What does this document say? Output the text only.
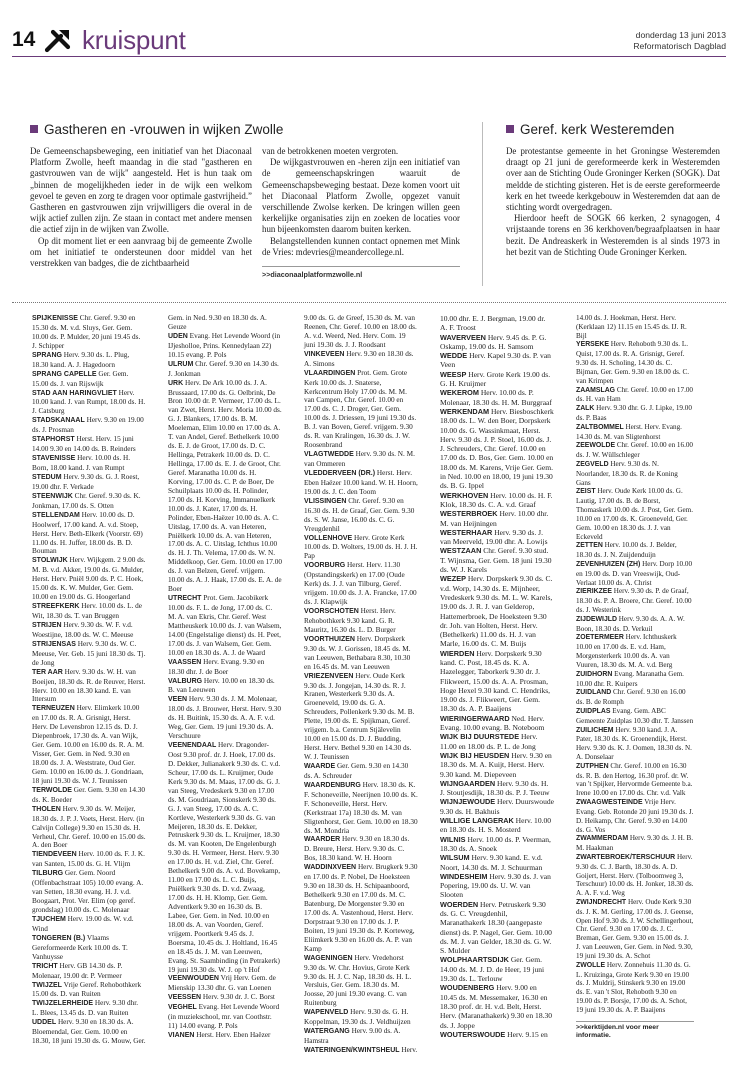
14 kruispunt	donderdag 13 juni 2013
Reformatorisch Dagblad
Gastheren en -vrouwen in wijken Zwolle

De Gemeenschapsbeweging, een initiatief van het Diaconaal Platform Zwolle, heeft maandag in die stad "gastheren en gastvrouwen van de wijk" aangesteld. Het is hun taak om „binnen de mogelijkheden ieder in de wijk een welkom gevoel te geven en zorg te dragen voor optimale gastvrijheid.” Gastheren en gastvrouwen zijn vrijwilligers die overal in de wijk actief zullen zijn. Ze staan in contact met andere mensen die actief zijn in de wijken van Zwolle.

Op dit moment liet er een aanvraag bij de gemeente Zwolle om het initiatief te ondersteunen door middel van het verstrekken van badges, die de zichtbaarheid

van de betrokkenen moeten vergroten.

De wijkgastvrouwen en -heren zijn een initiatief van de gemeenschapskringen waaruit de Gemeenschapsbeweging bestaat. Deze komen voort uit het Diaconaal Platform Zwolle, opgezet vanuit verschillende Zwolse kerken. De kringen willen geen kerkelijke organisaties zijn en zoeken de locaties voor hun bijeenkomsten daarom buiten kerken.

Belangstellenden kunnen contact opnemen met Mink de Vries: mdevries@meandercollege.nl.

>>diaconaalplatformzwolle.nl
Geref. kerk Westeremden

De protestantse gemeente in het Groningse Westeremden draagt op 21 juni de gereformeerde kerk in Westeremden over aan de Stichting Oude Groninger Kerken (SOGK). Dat meldde de stichting gisteren. Het is de eerste gereformeerde kerk en het tweede kerkgebouw in Westeremden dat aan de stichting wordt overgedragen.

Hierdoor heeft de SOGK 66 kerken, 2 synagogen, 4 vrijstaande torens en 36 kerkhoven/begraafplaatsen in haar bezit. De Andreaskerk in Westeremden is al sinds 1973 in het bezit van de Stichting Oude Groninger Kerken.

SPIJKENISSE Chr. Geref. 9.30 en 15.30 ds. M. v.d. Sluys, Ger. Gem. 10.00 ds. P. Mulder, 20 juni 19.45 ds. J. Schipper

SPRANG Herv. 9.30 ds. L. Plug, 18.30 kand. A. J. Hagedoorn

SPRANG CAPELLE Ger. Gem. 15.00 ds. J. van Rijswijk

STAD AAN HARINGVLIET Herv. 10.00 kand. J. van Rumpt, 18.00 ds. H. J. Catsburg

STADSKANAAL Herv. 9.30 en 19.00 ds. J. Prosman

STAPHORST Herst. Herv. 15 juni 14.00 9.30 en 14.00 ds. B. Reinders

STAVENISSE Herv. 10.00 ds. H. Born, 18.00 kand. J. van Rumpt

STEDUM Herv. 9.30 ds. G. J. Roest, 19.00 dhr. F. Verkade

STEENWIJK Chr. Geref. 9.30 ds. K. Jonkman, 17.00 ds. S. Otten

STELLENDAM Herv. 10.00 ds. D. Hoolwerf, 17.00 kand. A. v.d. Stoep, Herst. Herv. Beth-Elkerk (Voorstr. 69) 11.00 ds. H. Juffer, 18.00 ds. B. D. Bouman

STOLWIJK Herv. Wijkgem. 2 9.00 ds. M. B. v.d. Akker, 19.00 ds. G. Mulder, Herst. Herv. Pniël 9.00 ds. P. C. Hoek, 15.00 ds. K. W. Mulder, Ger. Gem. 10.00 en 19.00 ds. G. Hoogerland

STREEFKERK Herv. 10.00 ds. L. de Wit, 18.30 ds. T. van Bruggen

STRIJEN Herv. 9.30 ds. W. F. v.d. Woestijne, 18.00 ds. W. C. Meeuse

STRIJENSAS Herv. 9.30 ds. W. C. Meeuse, Ver. Geb. 15 juni 18.30 ds. Tj. de Jong

TER AAR Herv. 9.30 ds. W. H. van Boeijen, 18.30 ds. R. de Reuver, Herst. Herv. 10.00 en 18.30 kand. E. van Ittersum

TERNEUZEN Herv. Elimkerk 10.00 en 17.00 ds. R. A. Grisnigt, Herst. Herv. De Levensbron 12.15 ds. D. J. Diepenbroek, 17.30 ds. A. van Wijk, Ger. Gem. 10.00 en 16.00 ds. R. A. M. Visser, Ger. Gem. in Ned. 9.30 en 18.00 ds. J. A. Weststrate, Oud Ger. Gem. 10.00 en 16.00 ds. J. Gondriaan, 18 juni 19.30 ds. W. J. Teunissen

TERWOLDE Ger. Gem. 9.30 en 14.30 ds. K. Boeder

THOLEN Herv. 9.30 ds. W. Meijer, 18.30 ds. J. P. J. Voets, Herst. Herv. (in Calvijn College) 9.30 en 15.30 ds. H. Verheul, Chr. Geref. 10.00 en 15.00 ds. A. den Boer

TIENDEVEEN Herv. 10.00 ds. F. J. K. van Santen, 15.00 ds. G. H. Vlijm

TILBURG Ger. Gem. Noord (Offenbachstraat 105) 10.00 evang. A. van Setten, 18.30 evang. H. J. v.d. Boogaart, Prot. Ver. Elim (op geref. grondslag) 10.00 ds. C. Molenaar

TJUCHEM Herv. 19.00 ds. W. v.d. Wind

TONGEREN (B.) Vlaams Gereformeerde Kerk 10.00 ds. T. Vanhuysse

TRICHT Herv. GB 14.30 ds. P. Molenaar, 19.00 dr. P. Vermeer

TWIJZEL Vrije Geref. Rehobothkerk 15.00 ds. D. van Ruiten

TWIJZELERHEIDE Herv. 9.30 dhr. L. Blees, 13.45 ds. D. van Ruiten

UDDEL Herv. 9.30 en 18.30 ds. A. Bloemendal, Ger. Gem. 10.00 en 18.30, 18 juni 19.30 ds. G. Mouw, Ger.

Gem. in Ned. 9.30 en 18.30 ds. A. Geuze

UDEN Evang. Het Levende Woord (in IJjesholloe, Prins. Kennedylaan 22) 10.15 evang. P. Pols

ULRUM Chr. Geref. 9.30 en 14.30 ds. J. Jonkman

URK Herv. De Ark 10.00 ds. J. A. Brussaard, 17.00 ds. G. Oelbrink, De Bron 10.00 dr. P. Vermeer, 17.00 ds. L. van Zwet, Herst. Herv. Moria 10.00 ds. G. J. Blankers, 17.00 ds. B. M. Moeleman, Elim 10.00 en 17.00 ds. A. T. van Andel, Geref. Bethelkerk 10.00 ds. E. J. de Groot, 17.00 ds. D. C. Hellinga, Petrakerk 10.00 ds. D. C. Hellinga, 17.00 ds. E. J. de Groot, Chr. Geref. Maranatha 10.00 ds. H. Korving, 17.00 ds. C. P. de Boer, De Schuilplaats 10.00 ds. H. Polinder, 17.00 ds. H. Korving, Immanuelkerk 10.00 ds. J. Kater, 17.00 ds. H. Polinder, Eben-Haëzer 10.00 ds. A. C. Uitslag, 17.00 ds. A. van Heteren, Pniëlkerk 10.00 ds. A. van Heteren, 17.00 ds. A. C. Uitslag, Ichthus 10.00 ds. H. J. Th. Velema, 17.00 ds. W. N. Middelkoop, Ger. Gem. 10.00 en 17.00 ds. J. van Belzen, Geref. vrijgem. 10.00 ds. A. J. Haak, 17.00 ds. E. A. de Boer

UTRECHT Prot. Gem. Jacobikerk 10.00 ds. F. L. de Jong, 17.00 ds. C. M. A. van Ekris, Chr. Geref. West Mattheuskerk 10.00 ds. J. van Walsem, 14.00 (Engelstalige dienst) ds. H. Peet, 17.00 ds. J. van Walsem, Ger. Gem. 10.00 en 18.30 ds. A. J. de Waard

VAASSEN Herv. Evang. 9.30 en 18.30 dhr. J. de Boer

VALBURG Herv. 10.00 en 18.30 ds. B. van Leeuwen

VEEN Herv. 9.30 ds. J. M. Molenaar, 18.00 ds. J. Brouwer, Herst. Herv. 9.30 ds. H. Buitink, 15.30 ds. A. A. F. v.d. Weg, Ger. Gem. 19 juni 19.30 ds. A. Verschuure

VEENENDAAL Herv. Dragonder-Oost 9.30 prof. dr. J. Hoek, 17.00 ds. D. Dekker, Julianakerk 9.30 ds. C. v.d. Scheur, 17.00 ds. L. Kruijmer, Oude Kerk 9.30 ds. M. Maas, 17.00 ds. G. J. van Steeg, Vredeskerk 9.30 en 17.00 ds. M. Goudriaan, Sionskerk 9.30 ds. G. J. van Steeg, 17.00 ds. A. C. Kortleve, Westerkerk 9.30 ds. G. van Meijeren, 18.30 ds. E. Dekker, Petruskerk 9.30 ds. L. Kruijmer, 18.30 ds. M. van Kooten, De Engelenburgh 9.30 ds. H. Vermeer, Herst. Herv. 9.30 en 17.00 ds. H. v.d. Ziel, Chr. Geref. Bethelkerk 9.00 ds. A. v.d. Bovekamp, 11.00 en 17.00 ds. L. C. Buijs, Pniëlkerk 9.30 ds. D. v.d. Zwaag, 17.00 ds. H. H. Klomp, Ger. Gem. Adventkerk 9.30 en 16.30 ds. B. Labee, Ger. Gem. in Ned. 10.00 en 18.00 ds. A. van Voorden, Geref. vrijgem. Poortkerk 9.45 ds. J. Boersma, 10.45 ds. J. Holtland, 16.45 en 18.45 ds. J. M. van Leeuwen, Evang. St. Saambinding (in Petrakerk) 19 juni 19.30 ds. W. J. op 't Hof

VEENWOUDEN Vrij Herv. Gem. de Mienskip 13.30 dhr. G. van Loenen

VEESSEN Herv. 9.30 dr. J. C. Borst

VEGHEL Evang. Het Levende Woord (in muziekschool, mr. van Coothstr. 11) 14.00 evang. P. Pols

VIANEN Herst. Herv. Eben Haëzer

9.00 ds. G. de Greef, 15.30 ds. M. van Reenen, Chr. Geref. 10.00 en 18.00 ds. A. v.d. Weerd, Ned. Herv. Com. 19 juni 19.30 ds. J. J. Roodsant

VINKEVEEN Herv. 9.30 en 18.30 ds. A. Simons

VLAARDINGEN Prot. Gem. Grote Kerk 10.00 ds. J. Snaterse, Kerkcentrum Holy 17.00 ds. M. M. van Campen, Chr. Geref. 10.00 en 17.00 ds. C. J. Droger, Ger. Gem. 10.00 ds. J. Driessen, 19 juni 19.30 ds. B. J. van Boven, Geref. vrijgem. 9.30 ds. R. van Kralingen, 16.30 ds. J. W. Roosenbrand

VLAGTWEDDE Herv. 9.30 ds. N. M. van Ommeren

VLEDDERVEEN (DR.) Herst. Herv. Eben Haëzer 10.00 kand. W. H. Hoorn, 19.00 ds. J. C. den Toom

VLISSINGEN Chr. Geref. 9.30 en 16.30 ds. H. de Graaf, Ger. Gem. 9.30 ds. S. W. Janse, 16.00 ds. C. G. Vreugdenhil

VOLLENHOVE Herv. Grote Kerk 10.00 ds. D. Wolters, 19.00 ds. H. J. H. Pap

VOORBURG Herst. Herv. 11.30 (Opstandingskerk) en 17.00 (Oude Kerk) ds. J. J. van Tilburg, Geref. vrijgem. 10.00 ds. J. A. Francke, 17.00 ds. J. Klapwijk

VOORSCHOTEN Herst. Herv. Rehobothkerk 9.30 kand. G. R. Mauritz, 16.30 ds. L. D. Burger

VOORTHUIZEN Herv. Dorpskerk 9.30 ds. W. J. Gorissen, 18.45 ds. M. van Leeuwen, Bethabara 8.30, 10.30 en 16.45 ds. M. van Leeuwen

VRIEZENVEEN Herv. Oude Kerk 9.30 ds. J. Jongejan, 14.30 ds. R. J. Kranen, Westerkerk 9.30 ds. A. Groeneveld, 19.00 ds. G. A. Schreuders, Pollenkerk 9.30 ds. M. B. Plette, 19.00 ds. E. Spijkman, Geref. vrijgem. b.a. Centrum Stjälevelin 10.00 en 15.00 ds. D. J. Budding, Herst. Herv. Bethel 9.30 en 14.30 ds. W. J. Teunissen

WAARDE Ger. Gem. 9.30 en 14.30 ds. A. Schreuder

WAARDENBURG Herv. 18.30 ds. K. F. Schoneveille, Neerijnen 10.00 ds. K. F. Schoneveille, Herst. Herv. (Kerkstraat 17a) 18.30 ds. M. van Sligtenhorst, Ger. Gem. 10.00 en 18.30 ds. M. Mondria

WAARDER Herv. 9.30 en 18.30 ds. D. Breure, Herst. Herv. 9.30 ds. C. Bos, 18.30 kand. W. H. Hoorn

WADDINXVEEN Herv. Brugkerk 9.30 en 17.00 ds. P. Nobel, De Hoeksteen 9.30 en 18.30 ds. H. Schipaanboord, Bethelkerk 9.30 en 17.00 ds. M. C. Batenburg, De Morgenster 9.30 en 17.00 ds. A. Vastenhoud, Herst. Herv. Dorpstraat 9.30 en 17.00 ds. J. P. Boiten, 19 juni 19.30 ds. P. Korteweg, Eliimkerk 9.30 en 16.00 ds. A. P. van Kamp

WAGENINGEN Herv. Vredehorst 9.30 ds. W. Chr. Hovius, Grote Kerk 9.30 ds. H. J. C. Nap, 18.30 ds. H. L. Versluis, Ger. Gem. 18.30 ds. M. Joosse, 20 juni 19.30 evang. C. van Ruitenburg

WAPENVELD Herv. 9.30 ds. G. H. Koppelman, 19.30 ds. J. Veldhuijzen

WATERGANG Herv. 9.00 ds. A. Hamstra

WATERINGEN/KWINTSHEUL Herv.

10.00 dhr. E. J. Bergman, 19.00 dr. A. F. Troost

WAVERVEEN Herv. 9.45 ds. P. G. Oskamp, 19.00 ds. H. Samsom

WEDDE Herv. Kapel 9.30 ds. P. van Veen

WEESP Herv. Grote Kerk 19.00 ds. G. H. Kruijmer

WEKEROM Herv. 10.00 ds. P. Molenaar, 18.30 ds. H. M. Burggraaf

WERKENDAM Herv. Biesboschkerk 18.00 ds. L. W. den Boer, Dorpskerk 10.00 ds. G. Wassinkmaat, Herst. Herv. 9.30 ds. J. P. Stoel, 16.00 ds. J. J. Schreuders, Chr. Geref. 10.00 en 17.00 ds. D. Bos, Ger. Gem. 10.00 en 18.00 ds. M. Karens, Vrije Ger. Gem. in Ned. 10.00 en 18.00, 19 juni 19.30 ds. B. G. Ippel

WERKHOVEN Herv. 10.00 ds. H. F. Klok, 18.30 ds. C. A. v.d. Graaf

WESTERBROEK Herv. 10.00 dhr. M. van Heijningen

WESTERHAAR Herv. 9.30 ds. J. van Meerveld, 19.00 dhr. A. Lowijs

WESTZAAN Chr. Geref. 9.30 stud. T. Wijnsma, Ger. Gem. 18 juni 19.30 ds. W. J. Karels

WEZEP Herv. Dorpskerk 9.30 ds. C. v.d. Worp, 14.30 ds. E. Mijnheer, Vredeskerk 9.30 ds. M. L. W. Karels, 19.00 ds. J. R. J. van Gelderop, Hattemerbroek, De Hoeksteen 9.30 dr. Joh. van Holten, Herst. Herv. (Bethelkerk) 11.00 ds. H. J. van Marle, 16.00 ds. C. M. Buijs

WIERDEN Herv. Dorpskerk 9.30 kand. C. Post, 18.45 ds. K. A. Hazelegger, Taborkerk 9.30 dr. J. Flikweert, 15.00 ds. A. A. Prosman, Hoge Hexel 9.30 kand. C. Hendriks, 19.00 ds. J. Flikweert, Ger. Gem. 18.30 ds. A. P. Baaijens

WIERINGERWAARD Ned. Herv. Evang. 10.00 evang. B. Noteboom

WIJK BIJ DUURSTEDE Herv. 11.00 en 18.00 ds. P. L. de Jong

WIJK BIJ HEUSDEN Herv. 9.30 en 18.30 ds. M. A. Kuijt, Herst. Herv. 9.30 kand. M. Diepeveen

WIJNGAARDEN Herv. 9.30 ds. H. J. Stoutjesdijk, 18.30 ds. P. J. Teeuw

WIJNJEWOUDE Herv. Duurswoude 9.30 ds. H. Bakhuis

WILLIGE LANGERAK Herv. 10.00 en 18.30 ds. H. S. Mosterd

WILNIS Herv. 10.00 ds. P. Veerman, 18.30 ds. A. Snoek

WILSUM Herv. 9.30 kand. E. v.d. Noort, 14.30 ds. M. J. Schuurman

WINDESHEIM Herv. 9.30 ds. J. van Popering, 19.00 ds. U. W. van Slooten

WOERDEN Herv. Petruskerk 9.30 ds. G. C. Vreugdenhil, Maranathakerk 18.30 (aangepaste dienst) ds. P. Nagel, Ger. Gem. 10.00 ds. M. J. van Gelder, 18.30 ds. G. W. S. Mulder

WOLPHAARTSDIJK Ger. Gem. 14.00 ds. M. J. D. de Heer, 19 juni 19.30 ds. L. Terlouw

WOUDENBERG Herv. 9.00 en 10.45 ds. M. Messemaker, 16.30 en 18.30 prof. dr. H. v.d. Belt, Herst. Herv. (Maranathakerk) 9.30 en 18.30 ds. J. Joppe

WOUTERSWOUDE Herv. 9.15 en

14.00 ds. J. Hoekman, Herst. Herv. (Kerklaan 12) 11.15 en 15.45 ds. IJ. R. Bijl

YERSEKE Herv. Rehoboth 9.30 ds. L. Quist, 17.00 ds. R. A. Grisnigt, Geref. 9.30 ds. H. Scholing, 14.30 ds. C. Bijman, Ger. Gem. 9.30 en 18.00 ds. C. van Krimpen

ZAAMSLAG Chr. Geref. 10.00 en 17.00 ds. H. van Ham

ZALK Herv. 9.30 dhr. G. J. Lipke, 19.00 ds. P. Baas

ZALTBOMMEL Herst. Herv. Evang. 14.30 ds. M. van Sligtenhorst

ZEEWOLDE Chr. Geref. 10.00 en 16.00 ds. J. W. Wüllschleger

ZEGVELD Herv. 9.30 ds. N. Noorlander, 18.30 ds. R. de Koning Gans

ZEIST Herv. Oude Kerk 10.00 ds. G. Lautig, 17.00 ds. B. de Borst, Thomaskerk 10.00 ds. J. Post, Ger. Gem. 10.00 en 17.00 ds. K. Groeneveld, Ger. Gem. 10.00 en 18.30 ds. J. J. van Eckeveld

ZETTEN Herv. 10.00 ds. J. Belder, 18.30 ds. J. N. Zuijdenduijn

ZEVENHUIZEN (ZH) Herv. Dorp 10.00 en 19.00 ds. D. van Vreeswijk, Oud-Verlaat 10.00 ds. A. Christ

ZIERIKZEE Herv. 9.30 ds. P. de Graaf, 18.30 ds. P. A. Broere, Chr. Geref. 10.00 ds. J. Westerink

ZIJDEWIJLD Herv. 9.30 ds. A. A. W. Boon, 18.30 ds. D. Verkuil

ZOETERMEER Herv. Ichthuskerk 10.00 en 17.00 ds. E. v.d. Ham, Morgensterkerk 10.00 ds. A. van Vuuren, 18.30 ds. M. A. v.d. Berg

ZUIDHORN Evang. Maranatha Gem. 10.00 dhr. R. Kuipers

ZUIDLAND Chr. Geref. 9.30 en 16.00 ds. B. de Romph

ZUIDPLAS Evang. Gem. ABC Gemeente Zuidplas 10.30 dhr. T. Janssen

ZUILICHEM Herv. 9.30 kand. J. A. Pater, 18.30 ds. K. Groenendijk, Herst. Herv. 9.30 ds. K. J. Oomen, 18.30 ds. N. A. Donselaar

ZUTPHEN Chr. Geref. 10.00 en 16.30 ds. R. B. den Hertog, 16.30 prof. dr. W. van 't Spijker, Hervormde Gemeente b.a. Irene 10.00 en 17.00 ds. Chr. v.d. Valk

ZWAAGWESTEINDE Vrije Herv. Evang. Geb. Rotonde 20 juni 19.30 ds. J. D. Heikamp, Chr. Geref. 9.30 en 14.00 ds. G. Vos

ZWAMMERDAM Herv. 9.30 ds. J. H. B. M. Haakman

ZWARTEBROEK/TERSCHUUR Herv. 9.30 ds. C. J. Barth, 18.30 ds. A. D. Goijert, Herst. Herv. (Tolboomweg 3, Terschuur) 10.00 ds. H. Jonker, 18.30 ds. A. A. F. v.d. Weg

ZWIJNDRECHT Herv. Oude Kerk 9.30 ds. J. K. M. Gerling, 17.00 ds. J. Geense, Open Hof 9.30 ds. J. W. Schellingerhout, Chr. Geref. 9.30 en 17.00 ds. J. C. Breman, Ger. Gem. 9.30 en 15.00 ds. J. J. van Leeuwen, Ger. Gem. in Ned. 9.30, 19 juni 19.30 ds. A. Schot

ZWOLLE Herv. Zonnehuis 11.30 ds. G. L. Kruizinga, Grote Kerk 9.30 en 19.00 ds. J. Muldrij, Stinskerk 9.30 en 19.00 ds. E. van 't Slot, Rehoboth 9.30 en 19.00 ds. P. Borsje, 17.00 ds. A. Schot, 19 juni 19.30 ds. A. P. Baaijens

>>kerktijden.nl voor meer informatie.
